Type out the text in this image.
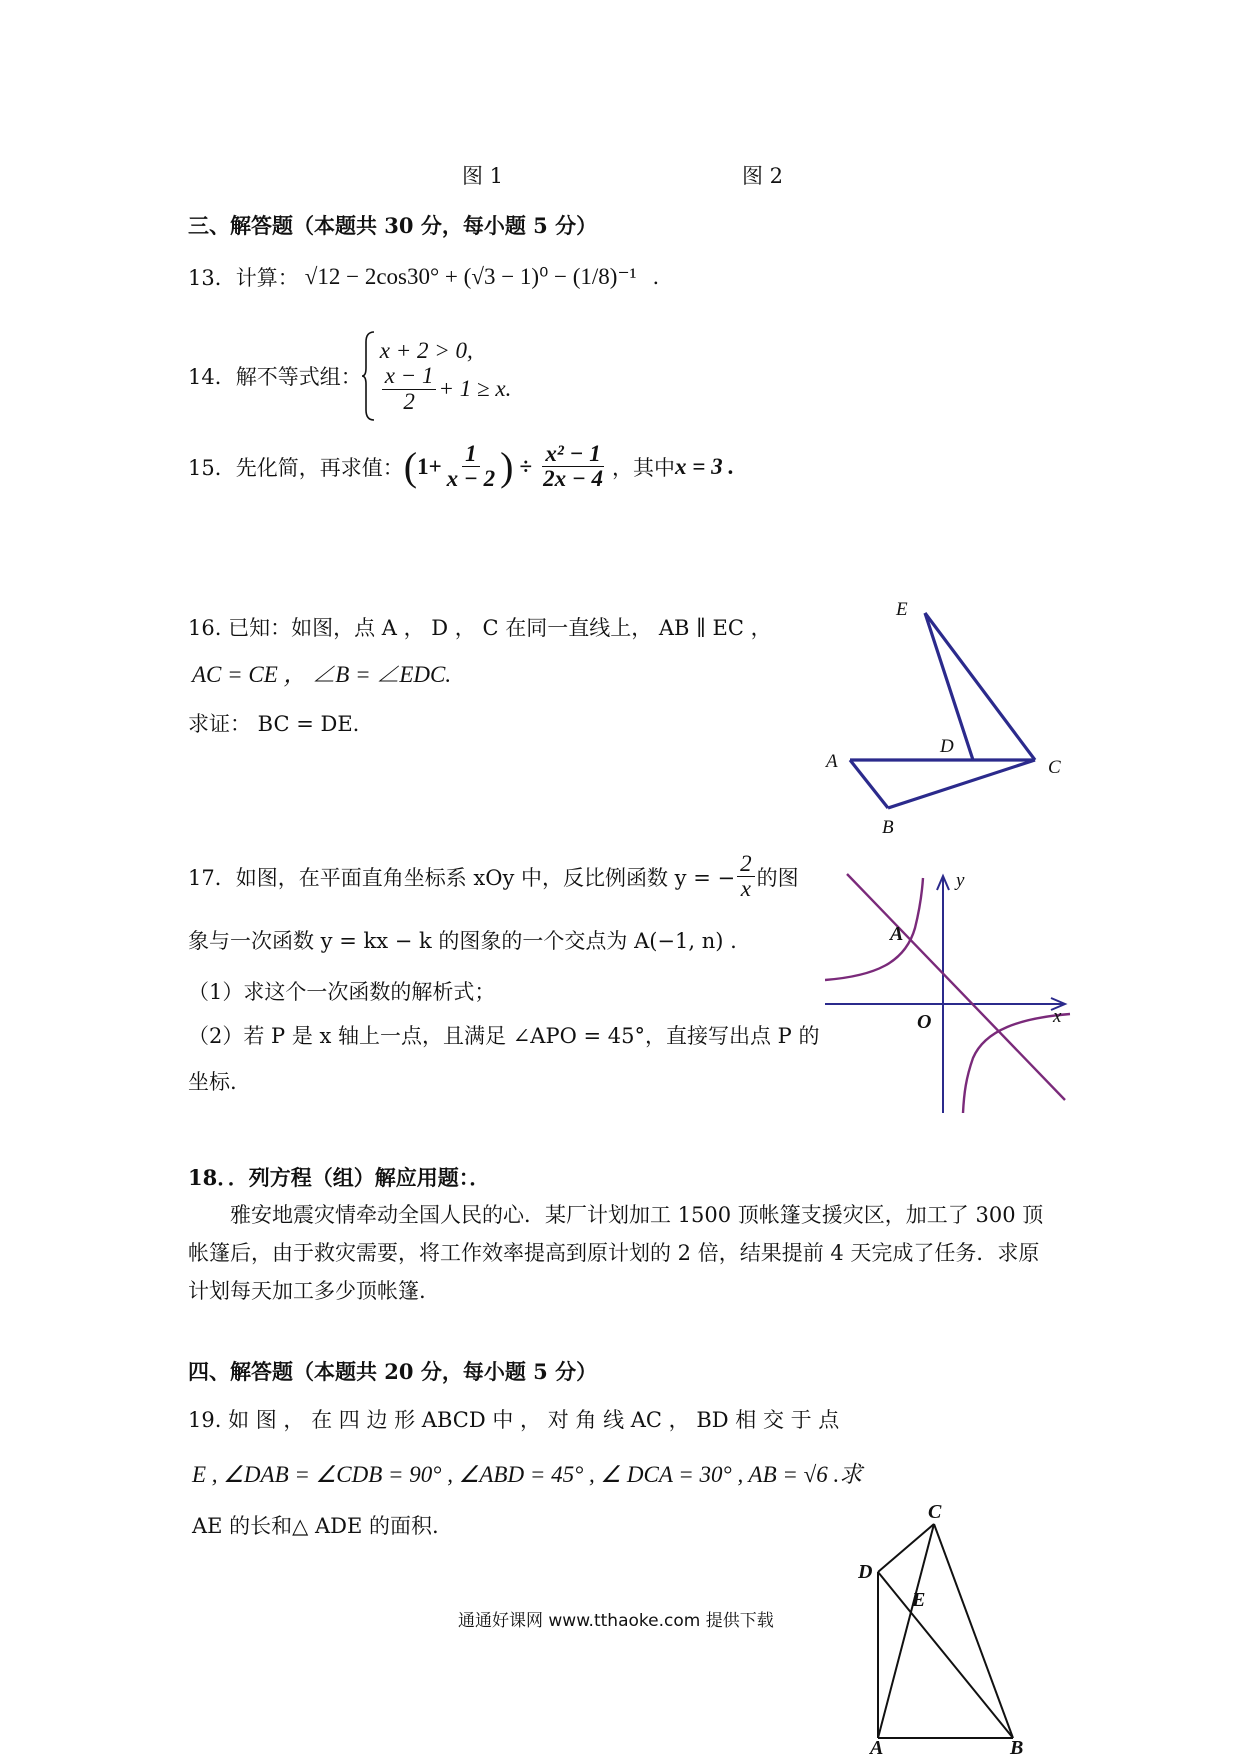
图 1	图 2
三、解答题（本题共 30 分，每小题 5 分）
13．计算： √12 − 2cos30° + (√3 − 1)⁰ − (1/8)⁻¹ .
14．解不等式组：
x + 2 > 0,
$\frac{x - 1}{2} + 1 \ge x$.
15．先化简，再求值： ( $1+ \frac{1}{x - 2}$ ) ÷ $\frac{\text{x² − 1}}{2x - 4}$ ，其中 x = 3 .
16. 已知：如图，点 A ， D ， C 在同一直线上， AB ∥ EC ，
AC = CE ， ∠B = ∠EDC.
求证： BC = DE.
E
A
D
C
B
17．如图，在平面直角坐标系 xOy 中，反比例函数 y = − $\frac{2}{x}$ 的图
象与一次函数 y = kx − k 的图象的一个交点为 A(−1, n) .
（1）求这个一次函数的解析式；
（2）若 P 是 x 轴上一点，且满足 ∠APO = 45°，直接写出点 P 的
坐标.
y
x
O
A
18．．列方程（组）解应用题：．
雅安地震灾情牵动全国人民的心．某厂计划加工 1500 顶帐篷支援灾区，加工了 300 顶
帐篷后，由于救灾需要，将工作效率提高到原计划的 2 倍，结果提前 4 天完成了任务．求原
计划每天加工多少顶帐篷.
四、解答题（本题共 20 分，每小题 5 分）
19. 如 图 ， 在 四 边 形 ABCD 中 ， 对 角 线 AC ， BD 相 交 于 点
E , ∠DAB = ∠CDB = 90° , ∠ABD = 45° , ∠ DCA = 30° , AB = √6 .求
AE 的长和△ ADE 的面积.
C
D
E
A	B
通通好课网 www.tthaoke.com 提供下载
